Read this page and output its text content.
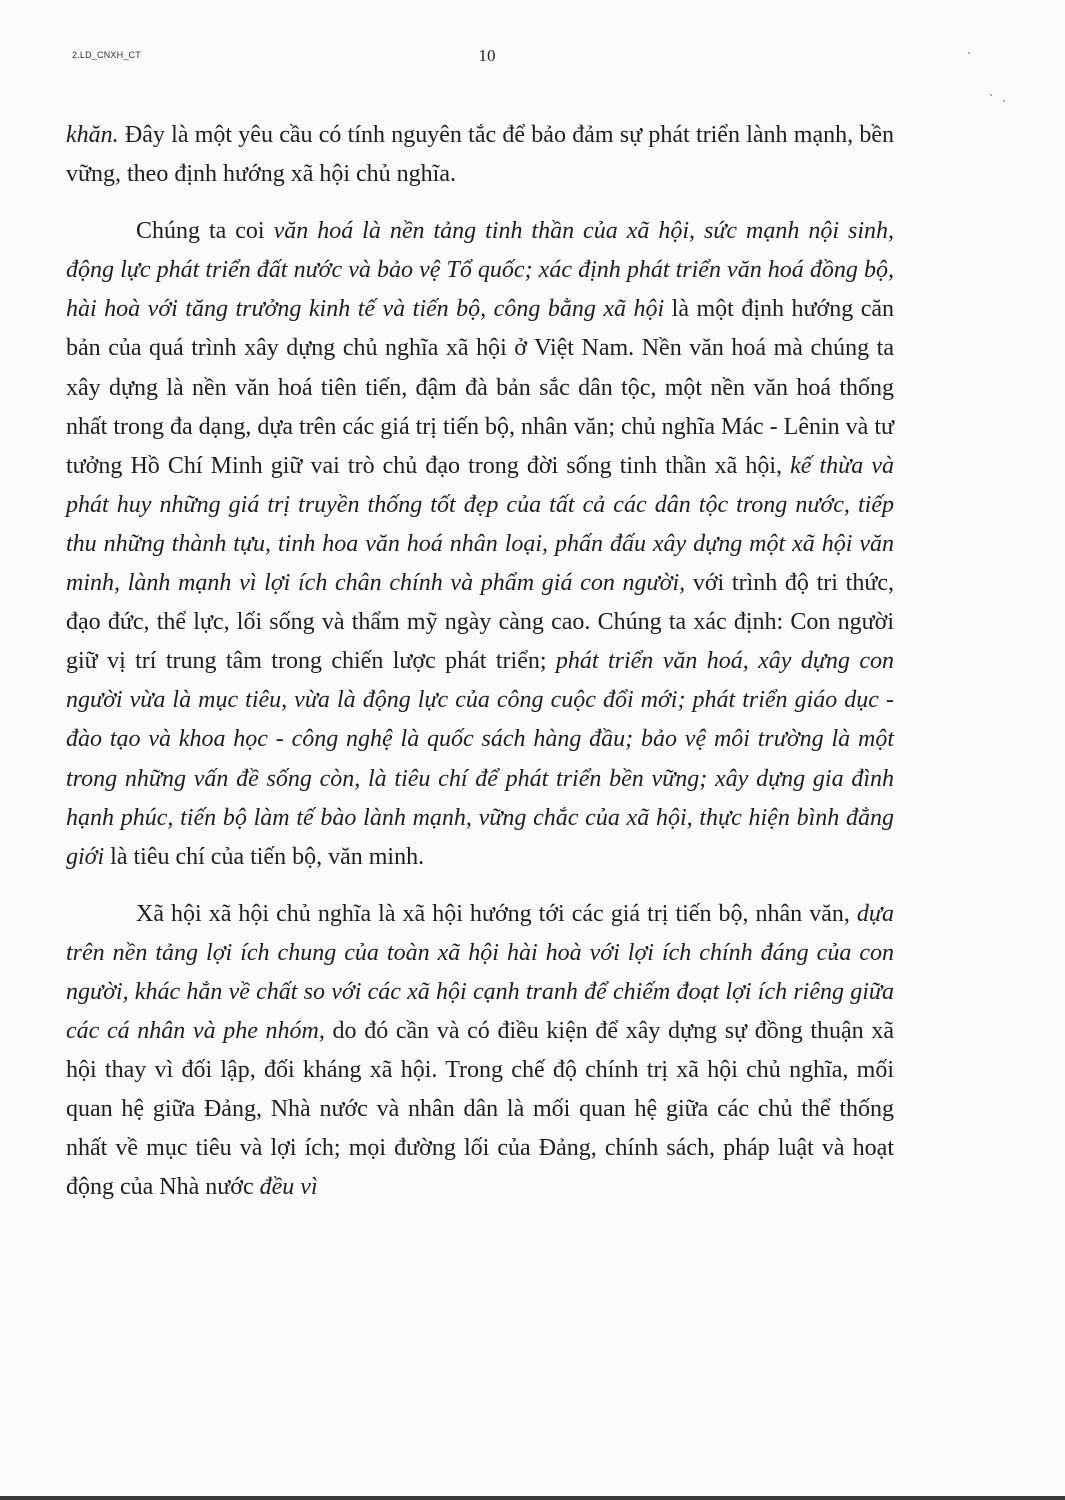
2.LD_CNXH_CT	10

khăn. Đây là một yêu cầu có tính nguyên tắc để bảo đảm sự phát triển lành mạnh, bền vững, theo định hướng xã hội chủ nghĩa.

Chúng ta coi văn hoá là nền tảng tinh thần của xã hội, sức mạnh nội sinh, động lực phát triển đất nước và bảo vệ Tổ quốc; xác định phát triển văn hoá đồng bộ, hài hoà với tăng trưởng kinh tế và tiến bộ, công bằng xã hội là một định hướng căn bản của quá trình xây dựng chủ nghĩa xã hội ở Việt Nam. Nền văn hoá mà chúng ta xây dựng là nền văn hoá tiên tiến, đậm đà bản sắc dân tộc, một nền văn hoá thống nhất trong đa dạng, dựa trên các giá trị tiến bộ, nhân văn; chủ nghĩa Mác - Lênin và tư tưởng Hồ Chí Minh giữ vai trò chủ đạo trong đời sống tinh thần xã hội, kế thừa và phát huy những giá trị truyền thống tốt đẹp của tất cả các dân tộc trong nước, tiếp thu những thành tựu, tinh hoa văn hoá nhân loại, phấn đấu xây dựng một xã hội văn minh, lành mạnh vì lợi ích chân chính và phẩm giá con người, với trình độ tri thức, đạo đức, thể lực, lối sống và thẩm mỹ ngày càng cao. Chúng ta xác định: Con người giữ vị trí trung tâm trong chiến lược phát triển; phát triển văn hoá, xây dựng con người vừa là mục tiêu, vừa là động lực của công cuộc đổi mới; phát triển giáo dục - đào tạo và khoa học - công nghệ là quốc sách hàng đầu; bảo vệ môi trường là một trong những vấn đề sống còn, là tiêu chí để phát triển bền vững; xây dựng gia đình hạnh phúc, tiến bộ làm tế bào lành mạnh, vững chắc của xã hội, thực hiện bình đẳng giới là tiêu chí của tiến bộ, văn minh.

Xã hội xã hội chủ nghĩa là xã hội hướng tới các giá trị tiến bộ, nhân văn, dựa trên nền tảng lợi ích chung của toàn xã hội hài hoà với lợi ích chính đáng của con người, khác hẳn về chất so với các xã hội cạnh tranh để chiếm đoạt lợi ích riêng giữa các cá nhân và phe nhóm, do đó cần và có điều kiện để xây dựng sự đồng thuận xã hội thay vì đối lập, đối kháng xã hội. Trong chế độ chính trị xã hội chủ nghĩa, mối quan hệ giữa Đảng, Nhà nước và nhân dân là mối quan hệ giữa các chủ thể thống nhất về mục tiêu và lợi ích; mọi đường lối của Đảng, chính sách, pháp luật và hoạt động của Nhà nước đều vì
